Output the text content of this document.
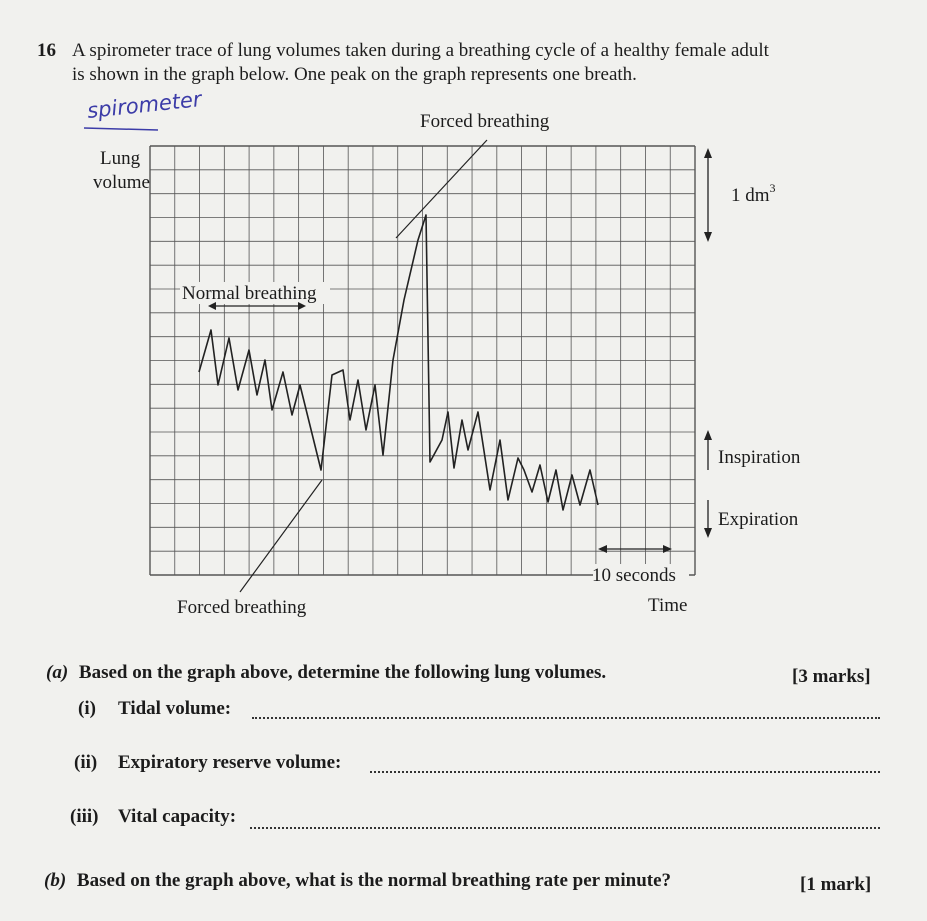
16 A spirometer trace of lung volumes taken during a breathing cycle of a healthy female adult
is shown in the graph below. One peak on the graph represents one breath.
spirometer	Forced breathing
Lung
volume
Normal breathing
1 $dm^3$
Inspiration
Expiration
10 seconds
Forced breathing	Time
(a) Based on the graph above, determine the following lung volumes.	[3 marks]
(i) Tidal volume:
(ii) Expiratory reserve volume:
(iii) Vital capacity:
(b) Based on the graph above, what is the normal breathing rate per minute?	[1 mark]
